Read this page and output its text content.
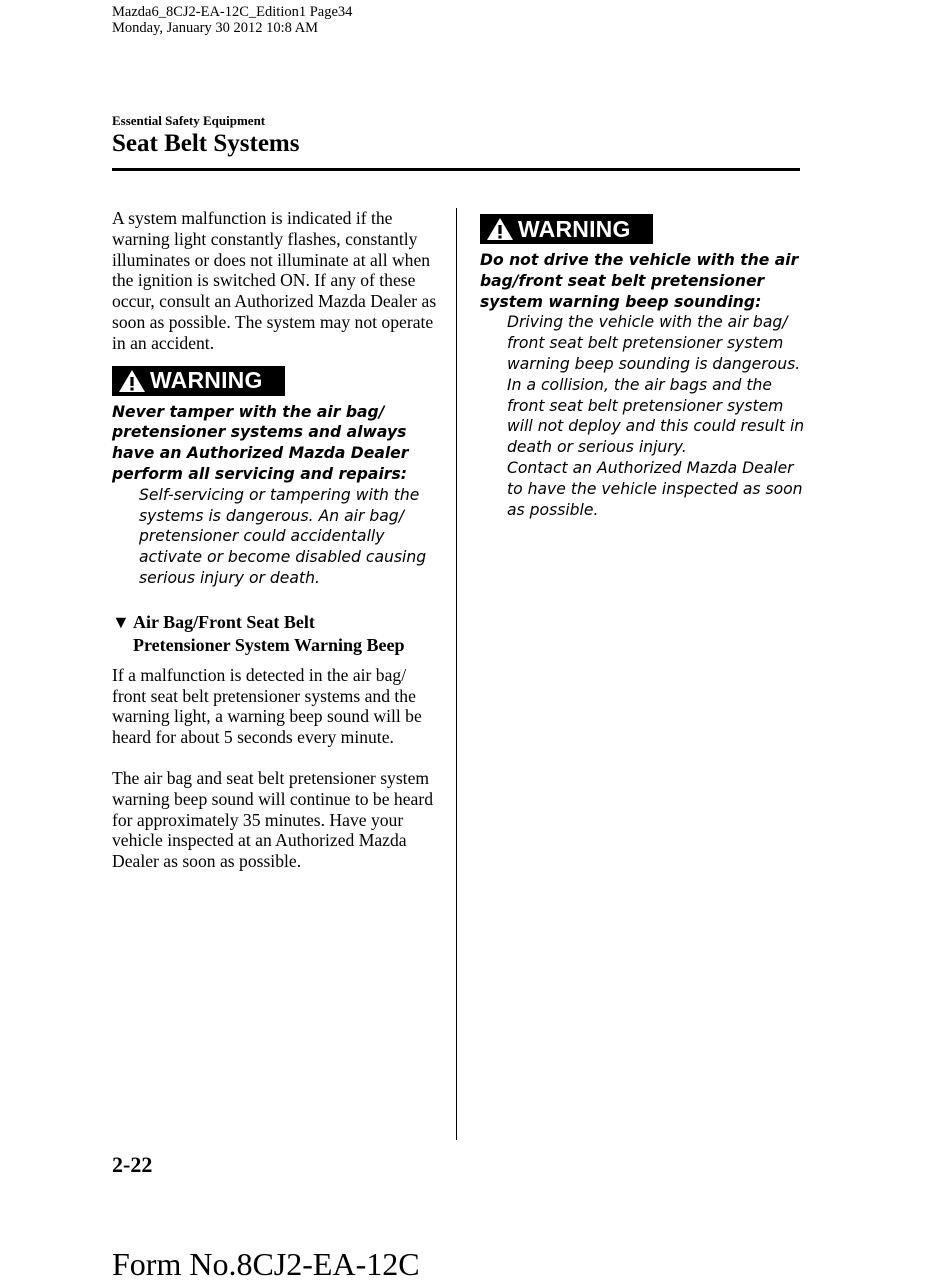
Mazda6_8CJ2-EA-12C_Edition1 Page34
Monday, January 30 2012 10:8 AM
Essential Safety Equipment
Seat Belt Systems

A system malfunction is indicated if the warning light constantly flashes, constantly illuminates or does not illuminate at all when the ignition is switched ON. If any of these occur, consult an Authorized Mazda Dealer as soon as possible. The system may not operate in an accident.

WARNING

Never tamper with the air bag/ pretensioner systems and always have an Authorized Mazda Dealer perform all servicing and repairs:

Self-servicing or tampering with the systems is dangerous. An air bag/ pretensioner could accidentally activate or become disabled causing serious injury or death.

▼ Air Bag/Front Seat Belt
Pretensioner System Warning Beep

If a malfunction is detected in the air bag/ front seat belt pretensioner systems and the warning light, a warning beep sound will be heard for about 5 seconds every minute.

The air bag and seat belt pretensioner system warning beep sound will continue to be heard for approximately 35 minutes. Have your vehicle inspected at an Authorized Mazda Dealer as soon as possible.

WARNING

Do not drive the vehicle with the air bag/front seat belt pretensioner system warning beep sounding:

Driving the vehicle with the air bag/ front seat belt pretensioner system warning beep sounding is dangerous. In a collision, the air bags and the front seat belt pretensioner system will not deploy and this could result in death or serious injury.

Contact an Authorized Mazda Dealer to have the vehicle inspected as soon as possible.

2-22
Form No.8CJ2-EA-12C
